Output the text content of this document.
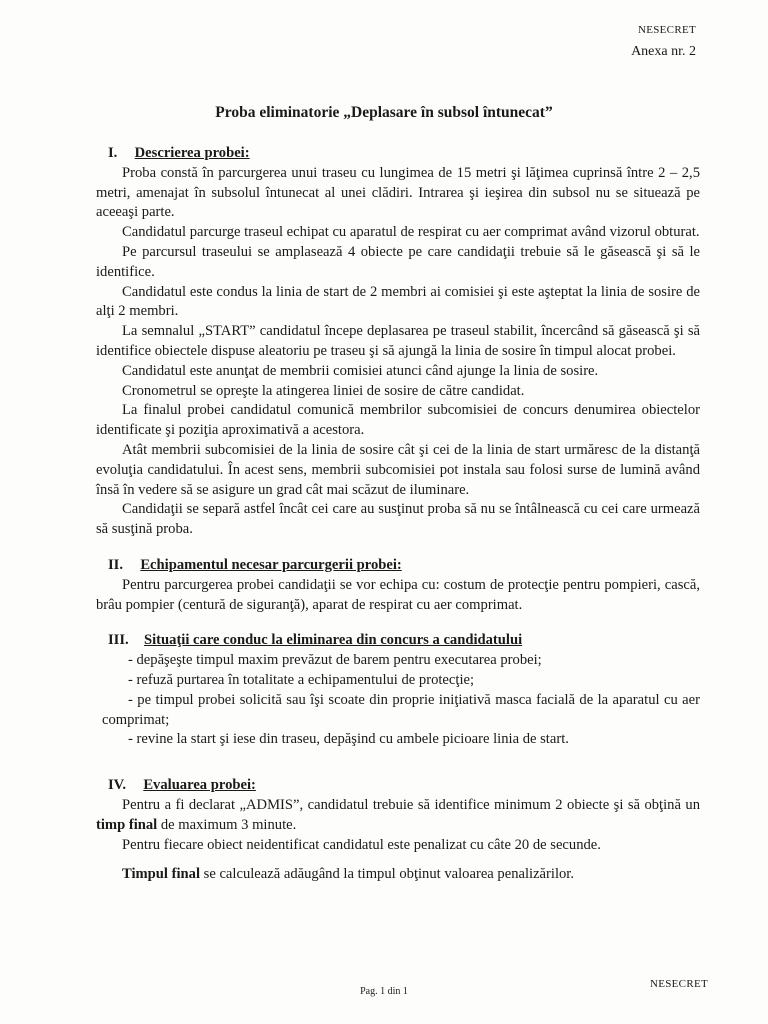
NESECRET
Anexa nr. 2
Proba eliminatorie „Deplasare în subsol întunecat”
I. Descrierea probei:

Proba constă în parcurgerea unui traseu cu lungimea de 15 metri şi lăţimea cuprinsă între 2 – 2,5 metri, amenajat în subsolul întunecat al unei clădiri. Intrarea şi ieşirea din subsol nu se situează pe aceeaşi parte.

Candidatul parcurge traseul echipat cu aparatul de respirat cu aer comprimat având vizorul obturat.

Pe parcursul traseului se amplasează 4 obiecte pe care candidaţii trebuie să le găsească şi să le identifice.

Candidatul este condus la linia de start de 2 membri ai comisiei şi este aşteptat la linia de sosire de alţi 2 membri.

La semnalul „START” candidatul începe deplasarea pe traseul stabilit, încercând să găsească şi să identifice obiectele dispuse aleatoriu pe traseu şi să ajungă la linia de sosire în timpul alocat probei.

Candidatul este anunţat de membrii comisiei atunci când ajunge la linia de sosire.

Cronometrul se opreşte la atingerea liniei de sosire de către candidat.

La finalul probei candidatul comunică membrilor subcomisiei de concurs denumirea obiectelor identificate şi poziţia aproximativă a acestora.

Atât membrii subcomisiei de la linia de sosire cât şi cei de la linia de start urmăresc de la distanţă evoluţia candidatului. În acest sens, membrii subcomisiei pot instala sau folosi surse de lumină având însă în vedere să se asigure un grad cât mai scăzut de iluminare.

Candidaţii se separă astfel încât cei care au susţinut proba să nu se întâlnească cu cei care urmează să susţină proba.

II. Echipamentul necesar parcurgerii probei:

Pentru parcurgerea probei candidaţii se vor echipa cu: costum de protecţie pentru pompieri, cască, brâu pompier (centură de siguranţă), aparat de respirat cu aer comprimat.

III. Situaţii care conduc la eliminarea din concurs a candidatului

- depăşeşte timpul maxim prevăzut de barem pentru executarea probei;

- refuză purtarea în totalitate a echipamentului de protecţie;

- pe timpul probei solicită sau îşi scoate din proprie iniţiativă masca facială de la aparatul cu aer comprimat;

- revine la start şi iese din traseu, depăşind cu ambele picioare linia de start.

IV. Evaluarea probei:

Pentru a fi declarat „ADMIS”, candidatul trebuie să identifice minimum 2 obiecte şi să obţină un timp final de maximum 3 minute.

Pentru fiecare obiect neidentificat candidatul este penalizat cu câte 20 de secunde.

Timpul final se calculează adăugând la timpul obţinut valoarea penalizărilor.

Pag. 1 din 1
NESECRET
